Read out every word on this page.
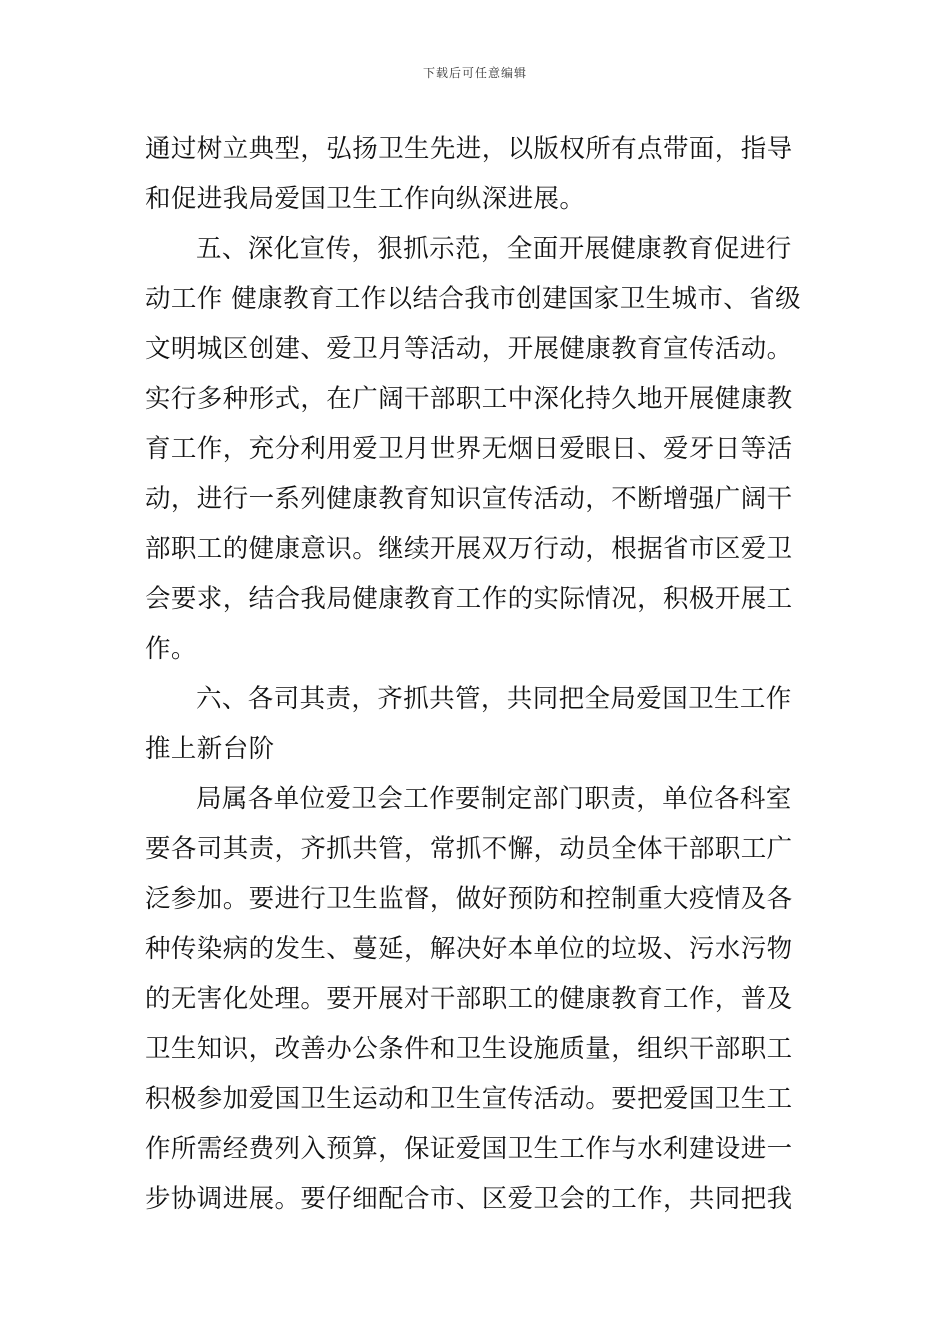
下载后可任意编辑
通过树立典型，弘扬卫生先进，以版权所有点带面，指导
和促进我局爱国卫生工作向纵深进展。
五、深化宣传，狠抓示范，全面开展健康教育促进行
动工作 健康教育工作以结合我市创建国家卫生城市、省级
文明城区创建、爱卫月等活动，开展健康教育宣传活动。
实行多种形式，在广阔干部职工中深化持久地开展健康教
育工作，充分利用爱卫月世界无烟日爱眼日、爱牙日等活
动，进行一系列健康教育知识宣传活动，不断增强广阔干
部职工的健康意识。继续开展双万行动，根据省市区爱卫
会要求，结合我局健康教育工作的实际情况，积极开展工
作。
六、各司其责，齐抓共管，共同把全局爱国卫生工作
推上新台阶
局属各单位爱卫会工作要制定部门职责，单位各科室
要各司其责，齐抓共管，常抓不懈，动员全体干部职工广
泛参加。要进行卫生监督，做好预防和控制重大疫情及各
种传染病的发生、蔓延，解决好本单位的垃圾、污水污物
的无害化处理。要开展对干部职工的健康教育工作，普及
卫生知识，改善办公条件和卫生设施质量，组织干部职工
积极参加爱国卫生运动和卫生宣传活动。要把爱国卫生工
作所需经费列入预算，保证爱国卫生工作与水利建设进一
步协调进展。要仔细配合市、区爱卫会的工作，共同把我
